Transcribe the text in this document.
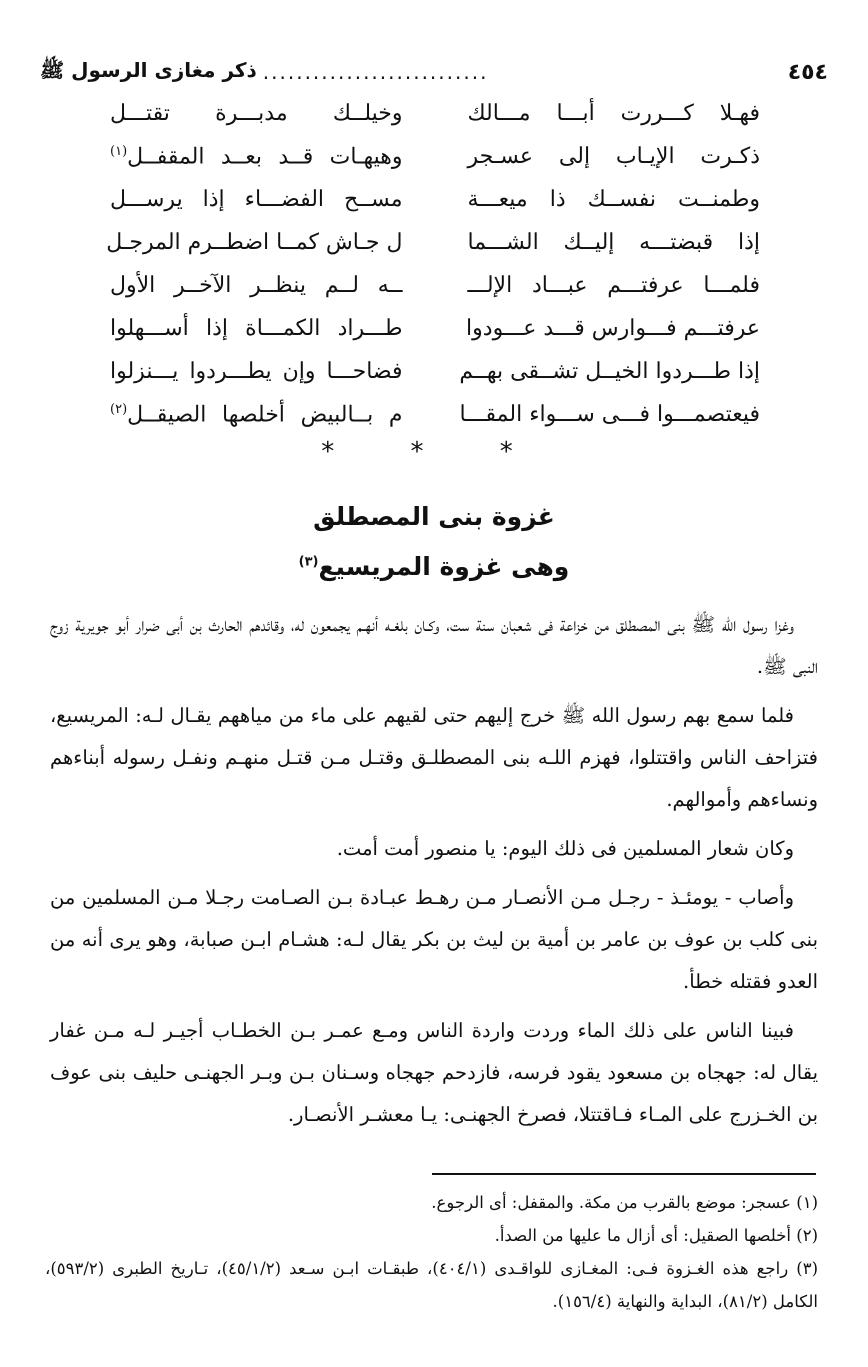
٤٥٤
...........................
ذكر مغازى الرسول ﷺ
فهـلا كـــررت أبـــا مـــالك
وخيلــك مدبـــرة تقتـــل
ذكـرت الإيـاب إلى عسـجر
وهيهـات قــد بعــد المقفــل$^{(١)}$
وطمنــت نفســك ذا ميعـــة
مســح الفضـــاء إذا يرســـل
إذا قبضتـــه إليــك الشـــما
ل جـاش كمــا اضطــرم المرجـل
فلمـــا عرفتـــم عبـــاد الإلـــ
ــه لــم ينظــر الآخــر الأول
عرفتـــم فـــوارس قـــد عـــودوا
طـــراد الكمـــاة إذا أســـهلوا
إذا طـــردوا الخيــل تشــقى بهــم
فضاحـــا وإن يطـــردوا يـــنزلوا
فيعتصمـــوا فـــى ســـواء المقـــا
م بــالبيض أخلصها الصيقــل$^{(٢)}$
* * *
غزوة بنى المصطلق
وهى غزوة المريسيع$^{(٣)}$

وغزا رسول الله ﷺ بنى المصطلق من خزاعة فى شعبان سنة ست، وكـان بلغـه أنهـم يجمعون له، وقائدهم الحارث بن أبى ضرار أبو جويرية زوج النبى ﷺ.

فلما سمع بهم رسول الله ﷺ خرج إليهم حتى لقيهم على ماء من مياههم يقـال لـه: المريسيع، فتزاحف الناس واقتتلوا، فهزم اللـه بنى المصطلـق وقتـل مـن قتـل منهـم ونفـل رسوله أبناءهم ونساءهم وأموالهم.

وكان شعار المسلمين فى ذلك اليوم: يا منصور أمت أمت.

وأصاب - يومئـذ - رجـل مـن الأنصـار مـن رهـط عبـادة بـن الصـامت رجـلا مـن المسلمين من بنى كلب بن عوف بن عامر بن أمية بن ليث بن بكر يقال لـه: هشـام ابـن صبابة، وهو يرى أنه من العدو فقتله خطأ.

فبينا الناس على ذلك الماء وردت واردة الناس ومـع عمـر بـن الخطـاب أجيـر لـه مـن غفار يقال له: جهجاه بن مسعود يقود فرسه، فازدحم جهجاه وسـنان بـن وبـر الجهنـى حليف بنى عوف بن الخـزرج على المـاء فـاقتتلا، فصرخ الجهنـى: يـا معشـر الأنصـار.

(١) عسجر: موضع بالقرب من مكة. والمقفل: أى الرجوع.

(٢) أخلصها الصقيل: أى أزال ما عليها من الصدأ.

(٣) راجع هذه الغـزوة فـى: المغـازى للواقـدى (٤٠٤/١)، طبقـات ابـن سـعد (٤٥/١/٢)، تـاريخ الطبرى (٥٩٣/٢)، الكامل (٨١/٢)، البداية والنهاية (١٥٦/٤).
